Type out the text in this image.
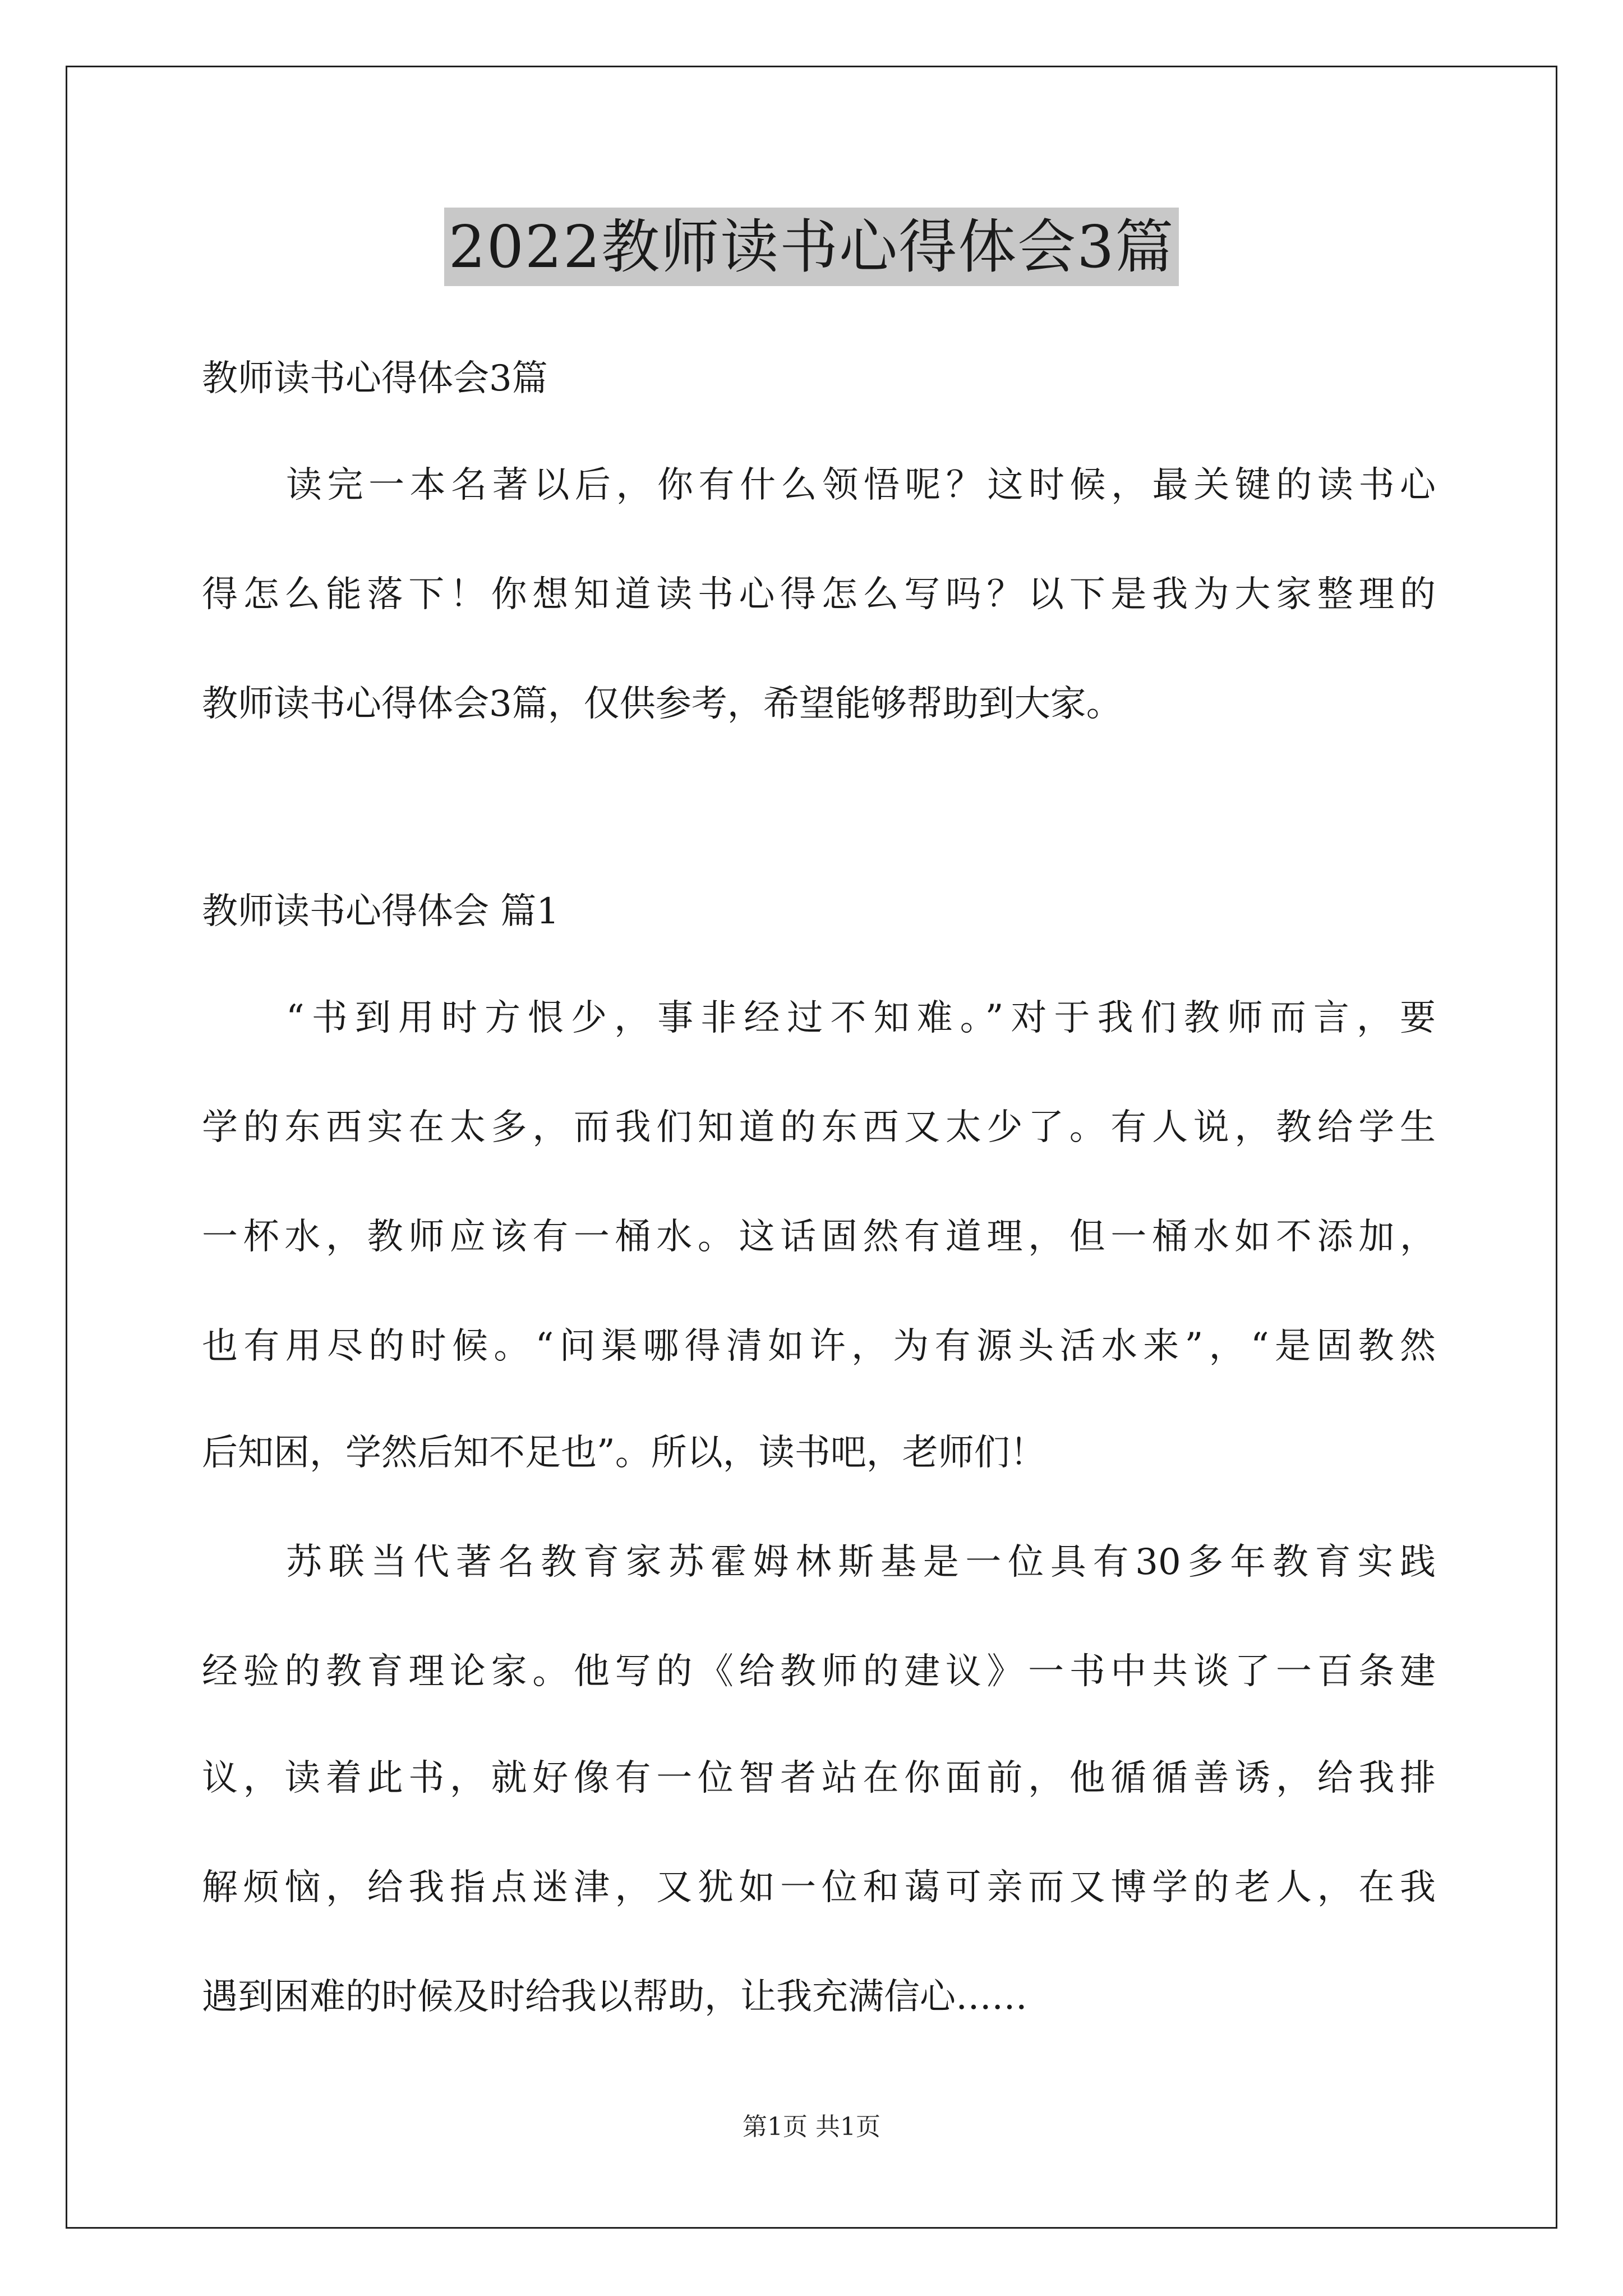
2022教师读书心得体会3篇
教师读书心得体会3篇
读完一本名著以后，你有什么领悟呢？这时候，最关键的读书心
得怎么能落下！你想知道读书心得怎么写吗？以下是我为大家整理的
教师读书心得体会3篇，仅供参考，希望能够帮助到大家。
教师读书心得体会 篇1
“书到用时方恨少，事非经过不知难。”对于我们教师而言，要
学的东西实在太多，而我们知道的东西又太少了。有人说，教给学生
一杯水，教师应该有一桶水。这话固然有道理，但一桶水如不添加，
也有用尽的时候。“问渠哪得清如许，为有源头活水来”，“是固教然
后知困，学然后知不足也”。所以，读书吧，老师们！
苏联当代著名教育家苏霍姆林斯基是一位具有30多年教育实践
经验的教育理论家。他写的《给教师的建议》一书中共谈了一百条建
议，读着此书，就好像有一位智者站在你面前，他循循善诱，给我排
解烦恼，给我指点迷津，又犹如一位和蔼可亲而又博学的老人，在我
遇到困难的时候及时给我以帮助，让我充满信心……
第1页 共1页
